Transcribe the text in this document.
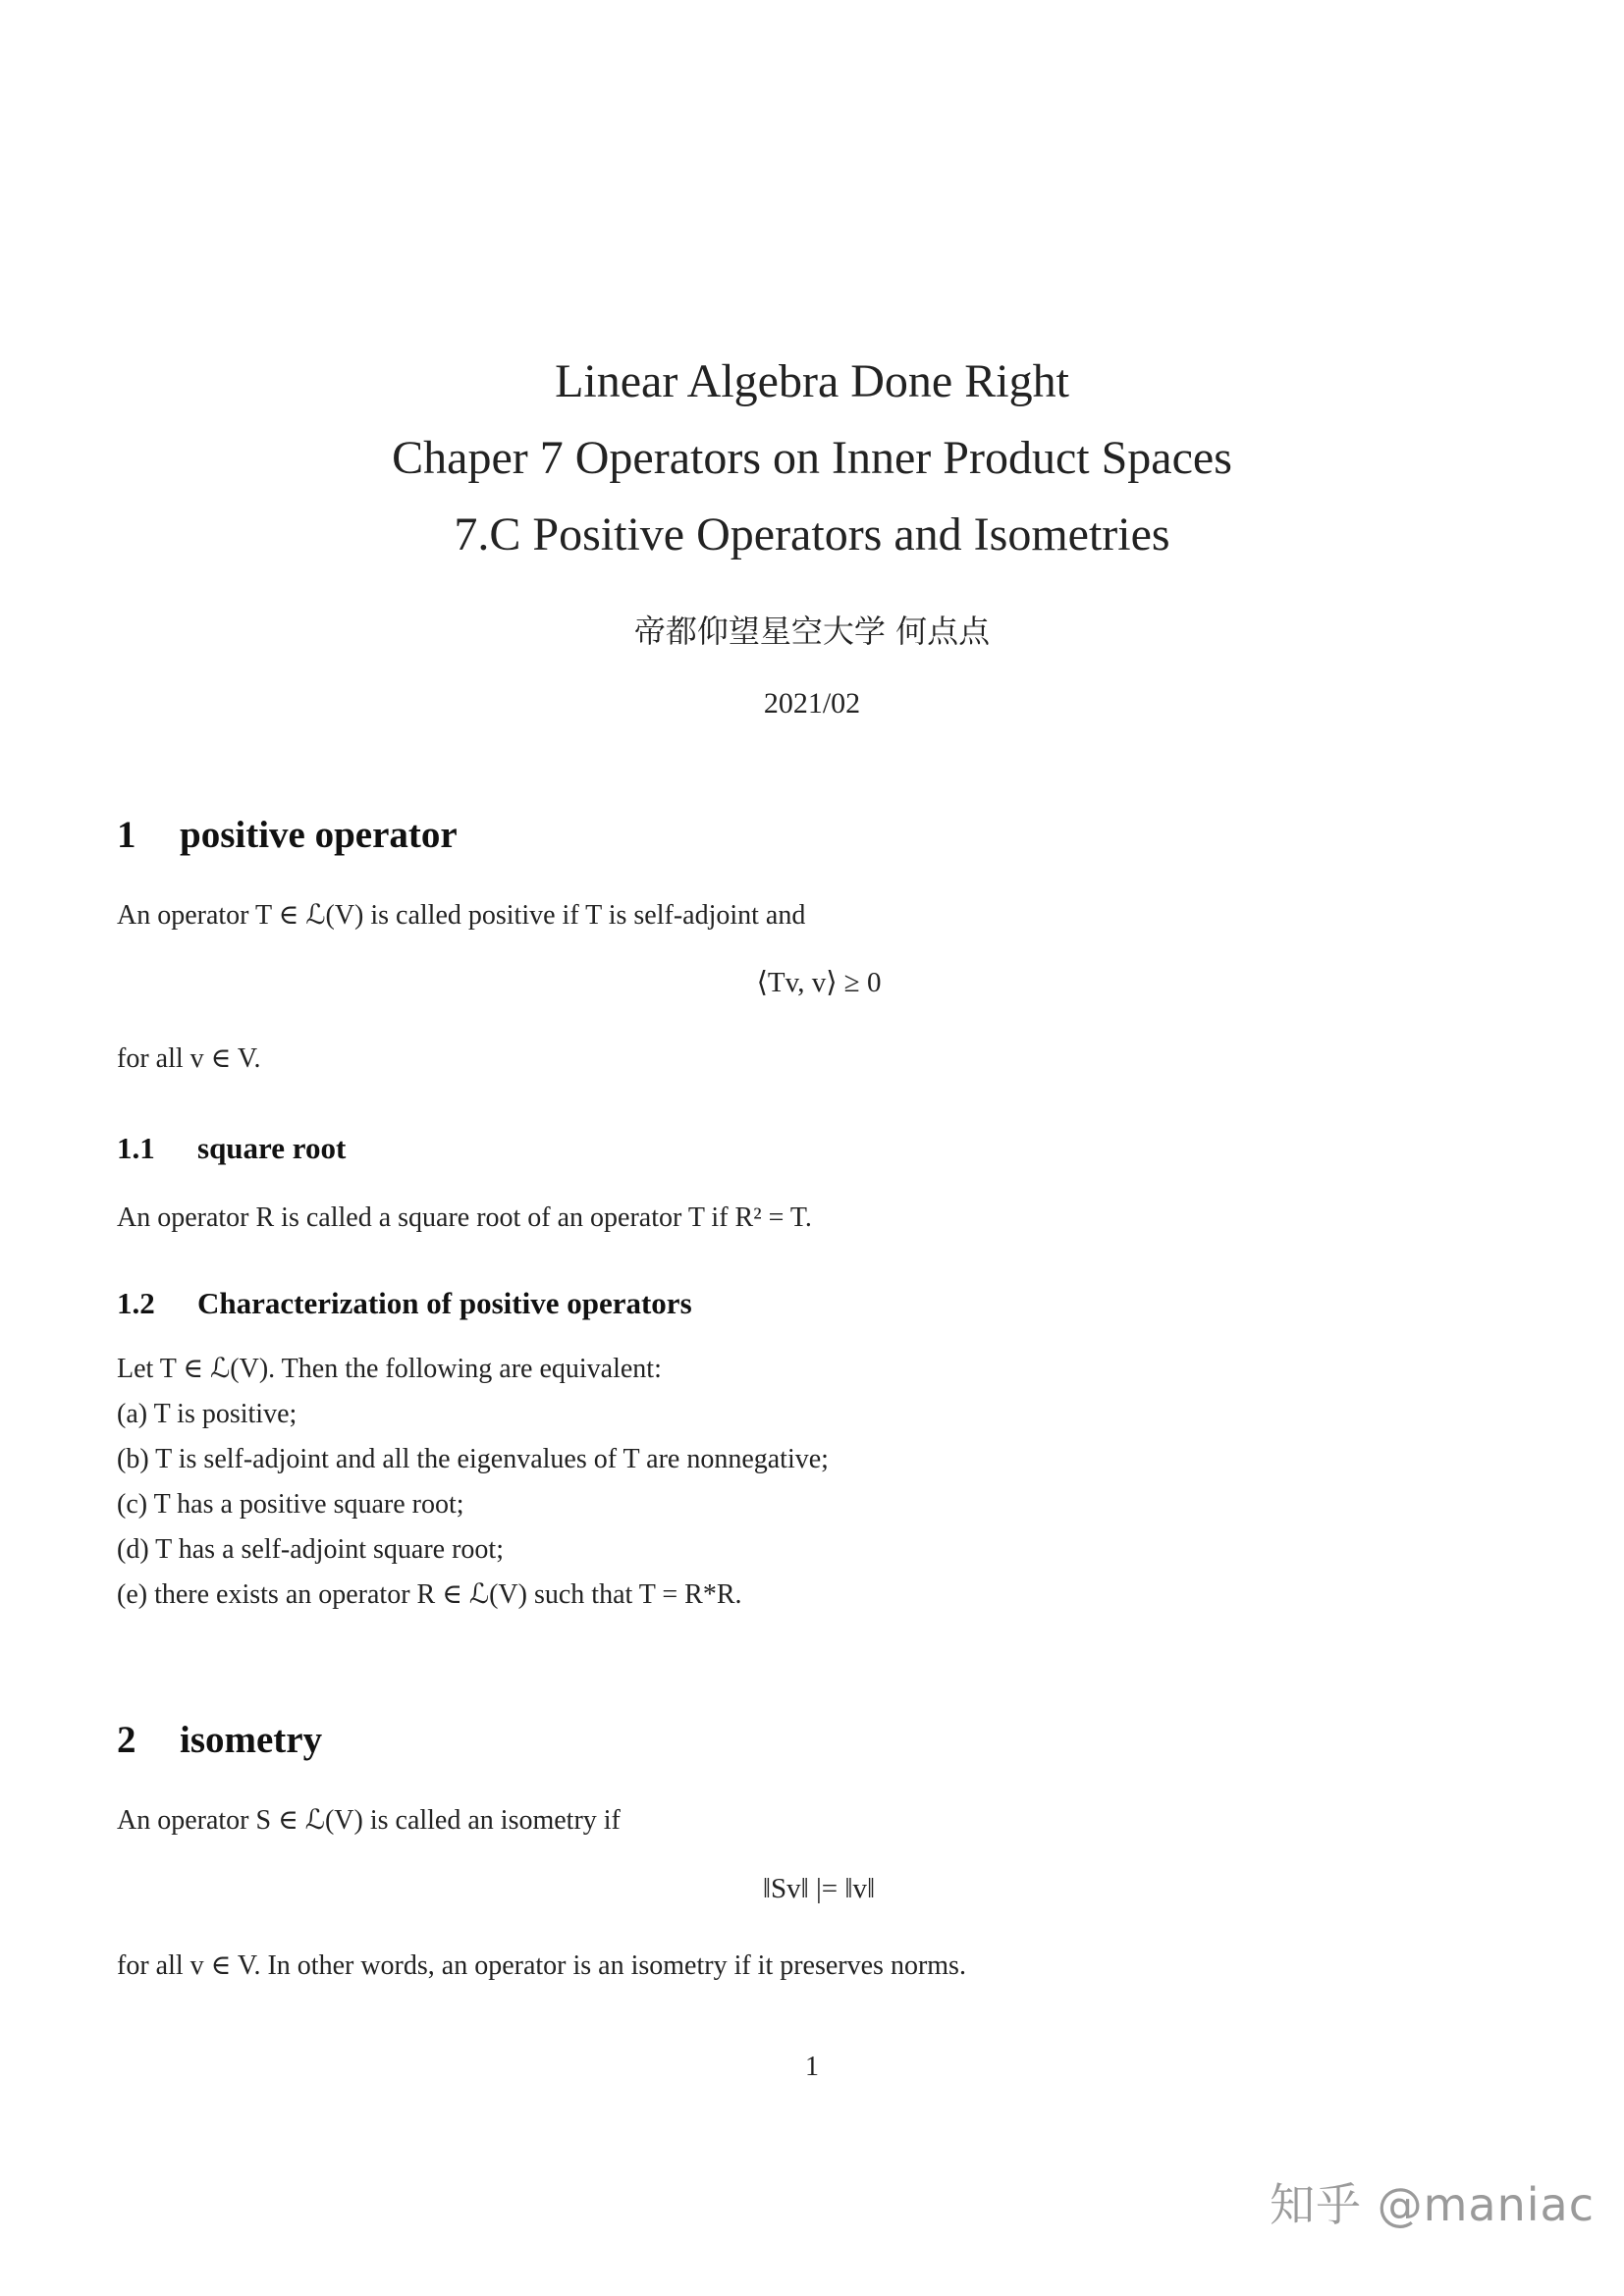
Linear Algebra Done Right
Chaper 7 Operators on Inner Product Spaces
7.C Positive Operators and Isometries
帝都仰望星空大学 何点点
2021/02
1 positive operator
An operator T ∈ ℒ(V) is called positive if T is self-adjoint and
⟨Tv, v⟩ ≥ 0
for all v ∈ V.
1.1 square root
An operator R is called a square root of an operator T if R² = T.
1.2 Characterization of positive operators
Let T ∈ ℒ(V). Then the following are equivalent:
(a) T is positive;
(b) T is self-adjoint and all the eigenvalues of T are nonnegative;
(c) T has a positive square root;
(d) T has a self-adjoint square root;
(e) there exists an operator R ∈ ℒ(V) such that T = R*R.
2 isometry
An operator S ∈ ℒ(V) is called an isometry if
‖Sv‖ |= ‖v‖
for all v ∈ V. In other words, an operator is an isometry if it preserves norms.
1
知乎 @maniac
